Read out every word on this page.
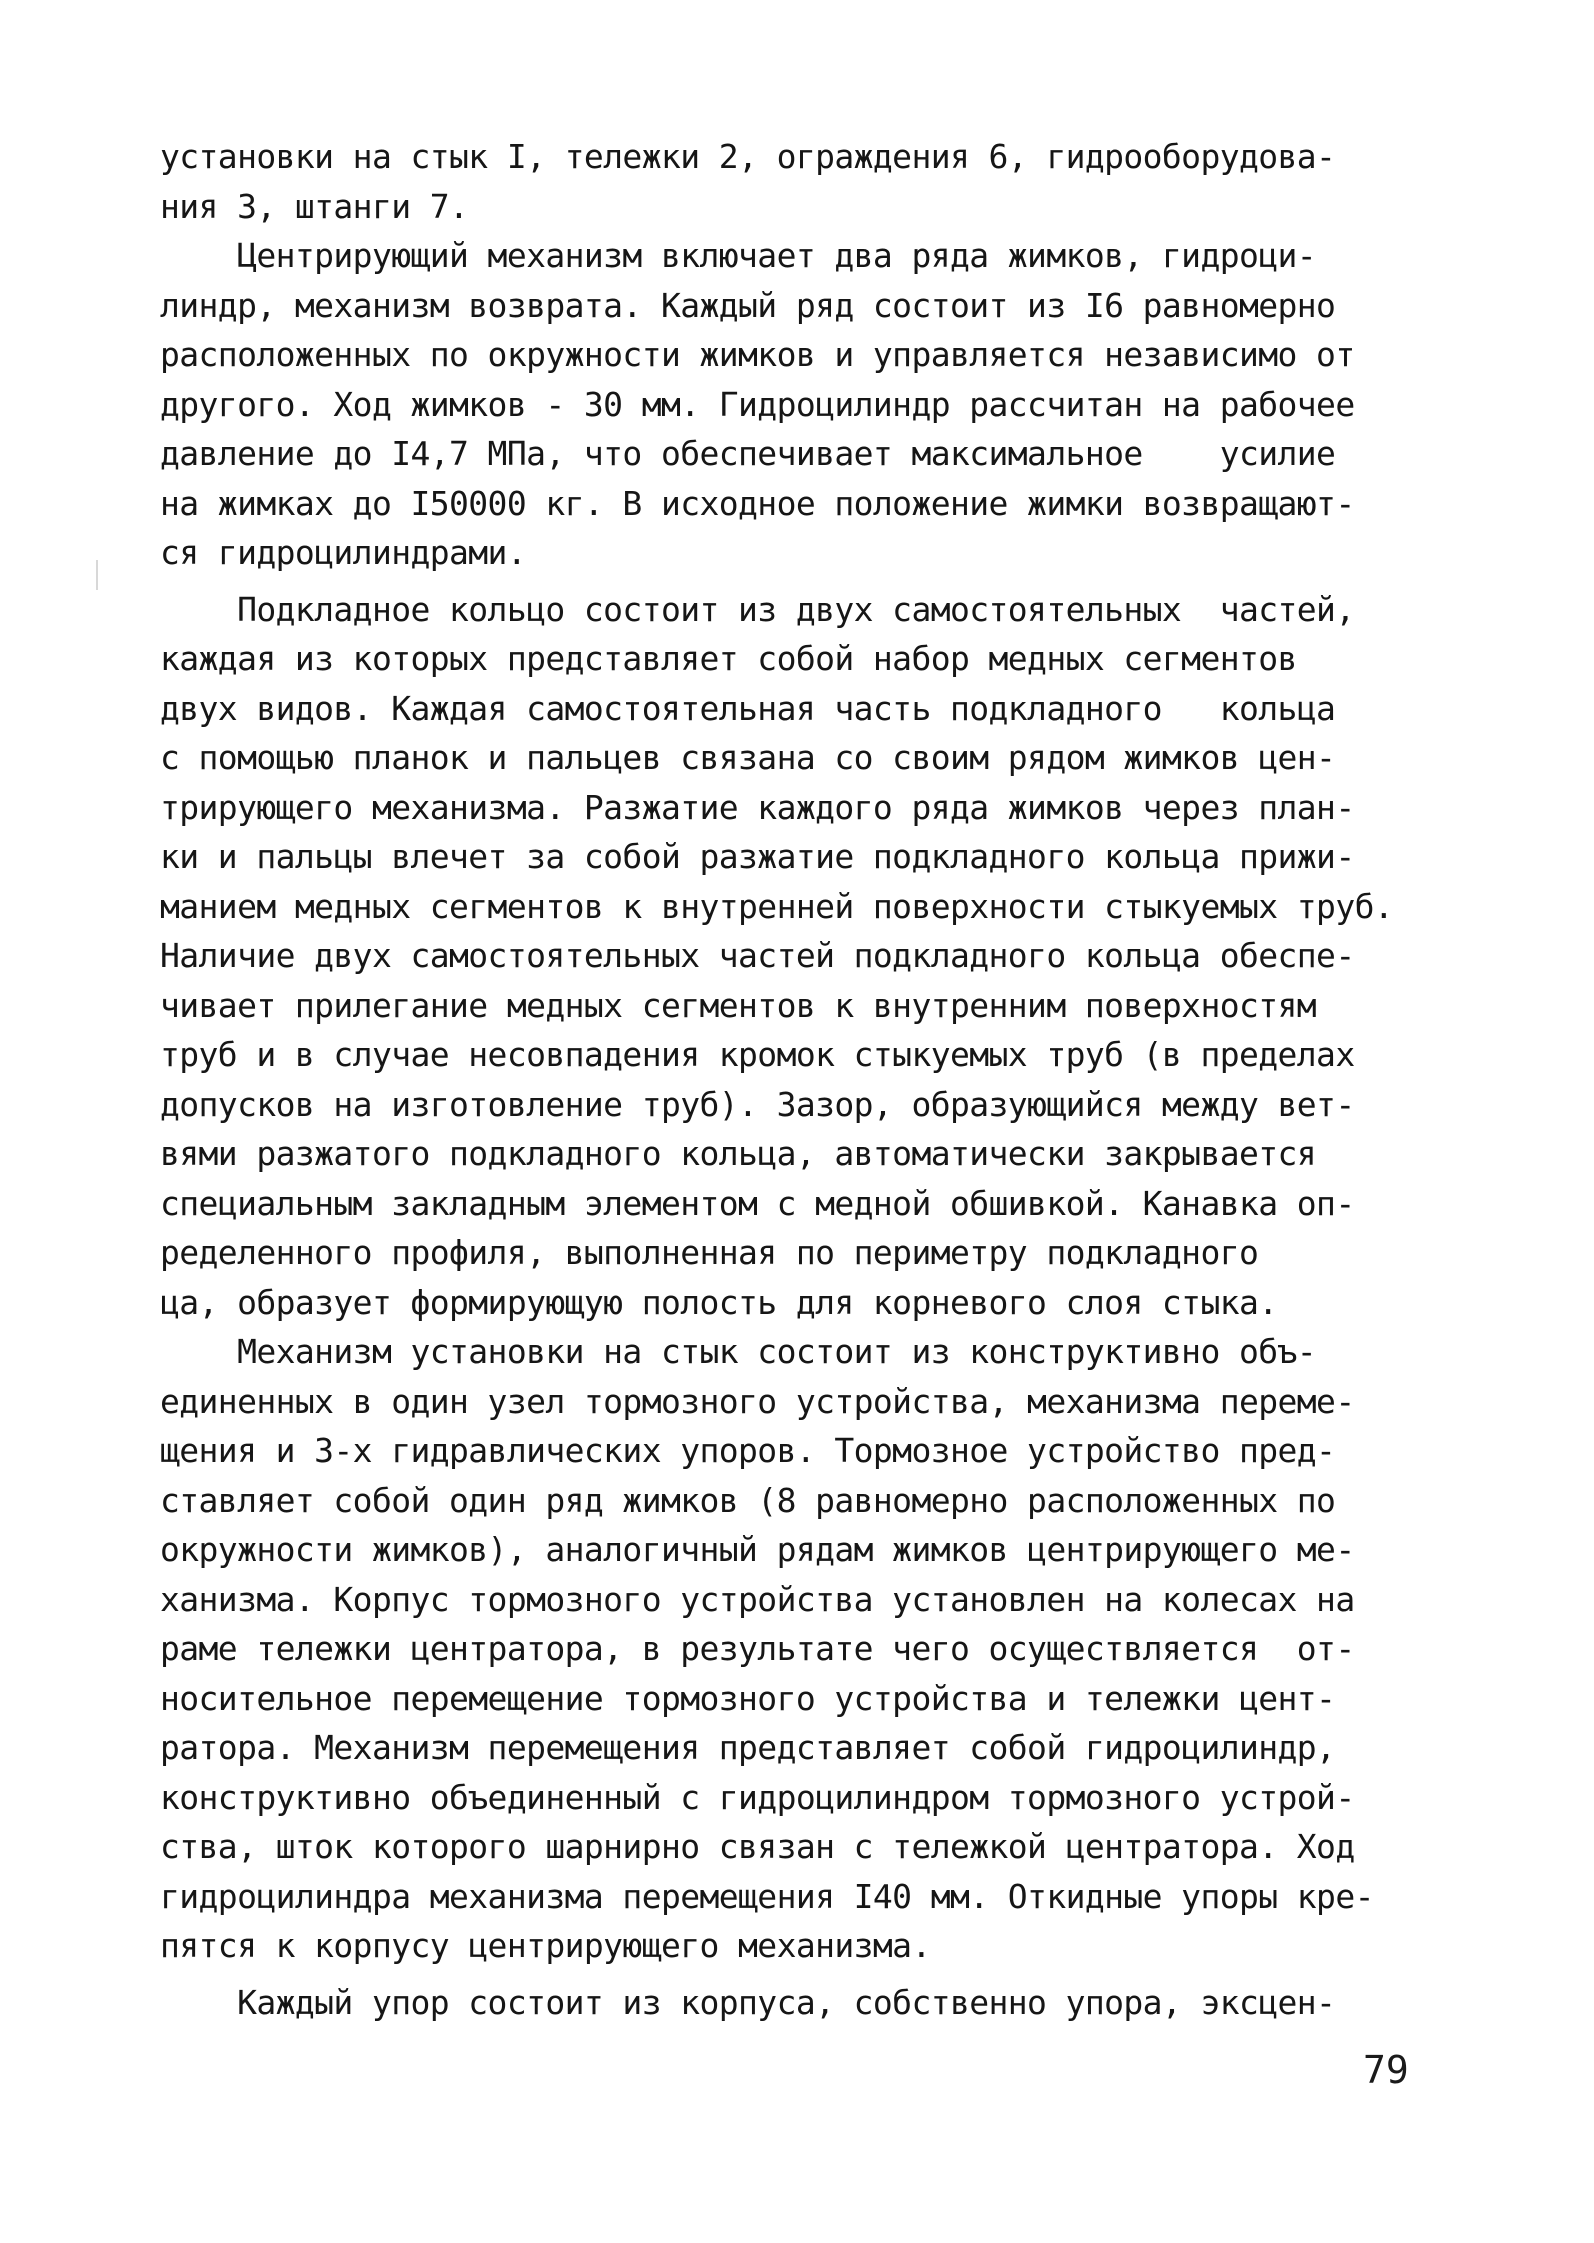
установки на стык I, тележки 2, ограждения 6, гидрооборудова-
ния 3, штанги 7.
Центрирующий механизм включает два ряда жимков, гидроци-
линдр, механизм возврата. Каждый ряд состоит из I6 равномерно
расположенных по окружности жимков и управляется независимо от
другого. Ход жимков - 30 мм. Гидроцилиндр рассчитан на рабочее
давление до I4,7 МПа, что обеспечивает максимальное    усилие
на жимках до I50000 кг. В исходное положение жимки возвращают-
ся гидроцилиндрами.
Подкладное кольцо состоит из двух самостоятельных  частей,
каждая из которых представляет собой набор медных сегментов
двух видов. Каждая самостоятельная часть подкладного   кольца
с помощью планок и пальцев связана со своим рядом жимков цен-
трирующего механизма. Разжатие каждого ряда жимков через план-
ки и пальцы влечет за собой разжатие подкладного кольца прижи-
манием медных сегментов к внутренней поверхности стыкуемых труб.
Наличие двух самостоятельных частей подкладного кольца обеспе-
чивает прилегание медных сегментов к внутренним поверхностям
труб и в случае несовпадения кромок стыкуемых труб (в пределах
допусков на изготовление труб). Зазор, образующийся между вет-
вями разжатого подкладного кольца, автоматически закрывается
специальным закладным элементом с медной обшивкой. Канавка оп-
ределенного профиля, выполненная по периметру подкладного
ца, образует формирующую полость для корневого слоя стыка.
Механизм установки на стык состоит из конструктивно объ-
единенных в один узел тормозного устройства, механизма переме-
щения и 3-х гидравлических упоров. Тормозное устройство пред-
ставляет собой один ряд жимков (8 равномерно расположенных по
окружности жимков), аналогичный рядам жимков центрирующего ме-
ханизма. Корпус тормозного устройства установлен на колесах на
раме тележки центратора, в результате чего осуществляется  от-
носительное перемещение тормозного устройства и тележки цент-
ратора. Механизм перемещения представляет собой гидроцилиндр,
конструктивно объединенный с гидроцилиндром тормозного устрой-
ства, шток которого шарнирно связан с тележкой центратора. Ход
гидроцилиндра механизма перемещения I40 мм. Откидные упоры кре-
пятся к корпусу центрирующего механизма.
Каждый упор состоит из корпуса, собственно упора, эксцен-
79
